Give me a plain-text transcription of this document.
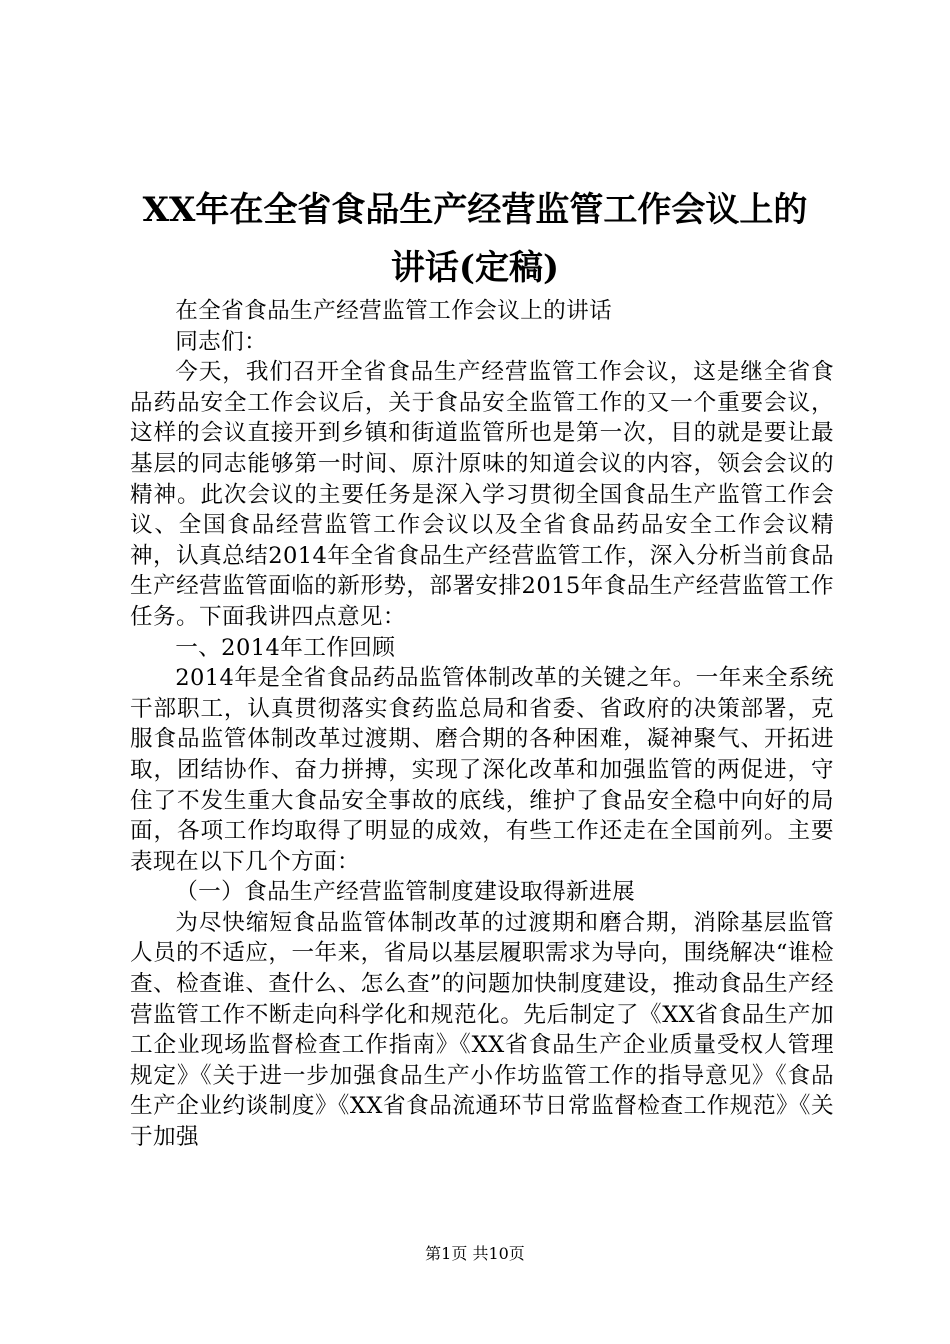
XX年在全省食品生产经营监管工作会议上的
讲话(定稿)

在全省食品生产经营监管工作会议上的讲话

同志们：

今天，我们召开全省食品生产经营监管工作会议，这是继全省食品药品安全工作会议后，关于食品安全监管工作的又一个重要会议，这样的会议直接开到乡镇和街道监管所也是第一次，目的就是要让最基层的同志能够第一时间、原汁原味的知道会议的内容，领会会议的精神。此次会议的主要任务是深入学习贯彻全国食品生产监管工作会议、全国食品经营监管工作会议以及全省食品药品安全工作会议精神，认真总结2014年全省食品生产经营监管工作，深入分析当前食品生产经营监管面临的新形势，部署安排2015年食品生产经营监管工作任务。下面我讲四点意见：

一、2014年工作回顾

2014年是全省食品药品监管体制改革的关键之年。一年来全系统干部职工，认真贯彻落实食药监总局和省委、省政府的决策部署，克服食品监管体制改革过渡期、磨合期的各种困难，凝神聚气、开拓进取，团结协作、奋力拼搏，实现了深化改革和加强监管的两促进，守住了不发生重大食品安全事故的底线，维护了食品安全稳中向好的局面，各项工作均取得了明显的成效，有些工作还走在全国前列。主要表现在以下几个方面：

（一）食品生产经营监管制度建设取得新进展

为尽快缩短食品监管体制改革的过渡期和磨合期，消除基层监管人员的不适应，一年来，省局以基层履职需求为导向，围绕解决“谁检查、检查谁、查什么、怎么查”的问题加快制度建设，推动食品生产经营监管工作不断走向科学化和规范化。先后制定了《XX省食品生产加工企业现场监督检查工作指南》《XX省食品生产企业质量受权人管理规定》《关于进一步加强食品生产小作坊监管工作的指导意见》《食品生产企业约谈制度》《XX省食品流通环节日常监督检查工作规范》《关于加强

第1页 共10页
